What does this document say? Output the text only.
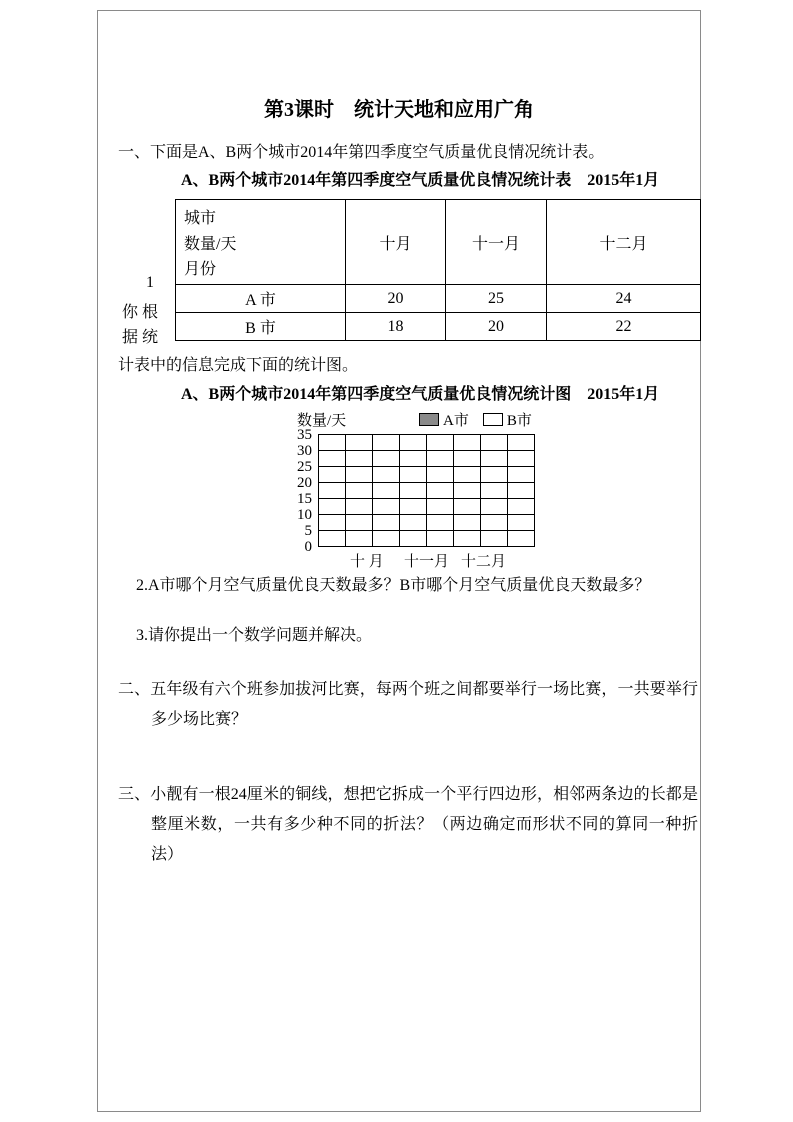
第3课时　统计天地和应用广角

一、下面是A、B两个城市2014年第四季度空气质量优良情况统计表。

A、B两个城市2014年第四季度空气质量优良情况统计表　2015年1月

1
你 根
据 统
城市
数量/天
月份	十月	十一月	十二月
A 市	20	25	24
B 市	18	20	22

计表中的信息完成下面的统计图。

A、B两个城市2014年第四季度空气质量优良情况统计图　2015年1月

数量/天	A市	B市
35
30
25
20
15
10
5
0
十 月 十一月 十二月

2.A市哪个月空气质量优良天数最多？B市哪个月空气质量优良天数最多？

3.请你提出一个数学问题并解决。

二、五年级有六个班参加拔河比赛，每两个班之间都要举行一场比赛，一共要举行多少场比赛？
三、小靓有一根24厘米的铜线，想把它拆成一个平行四边形，相邻两条边的长都是整厘米数，一共有多少种不同的折法？（两边确定而形状不同的算同一种折法）
